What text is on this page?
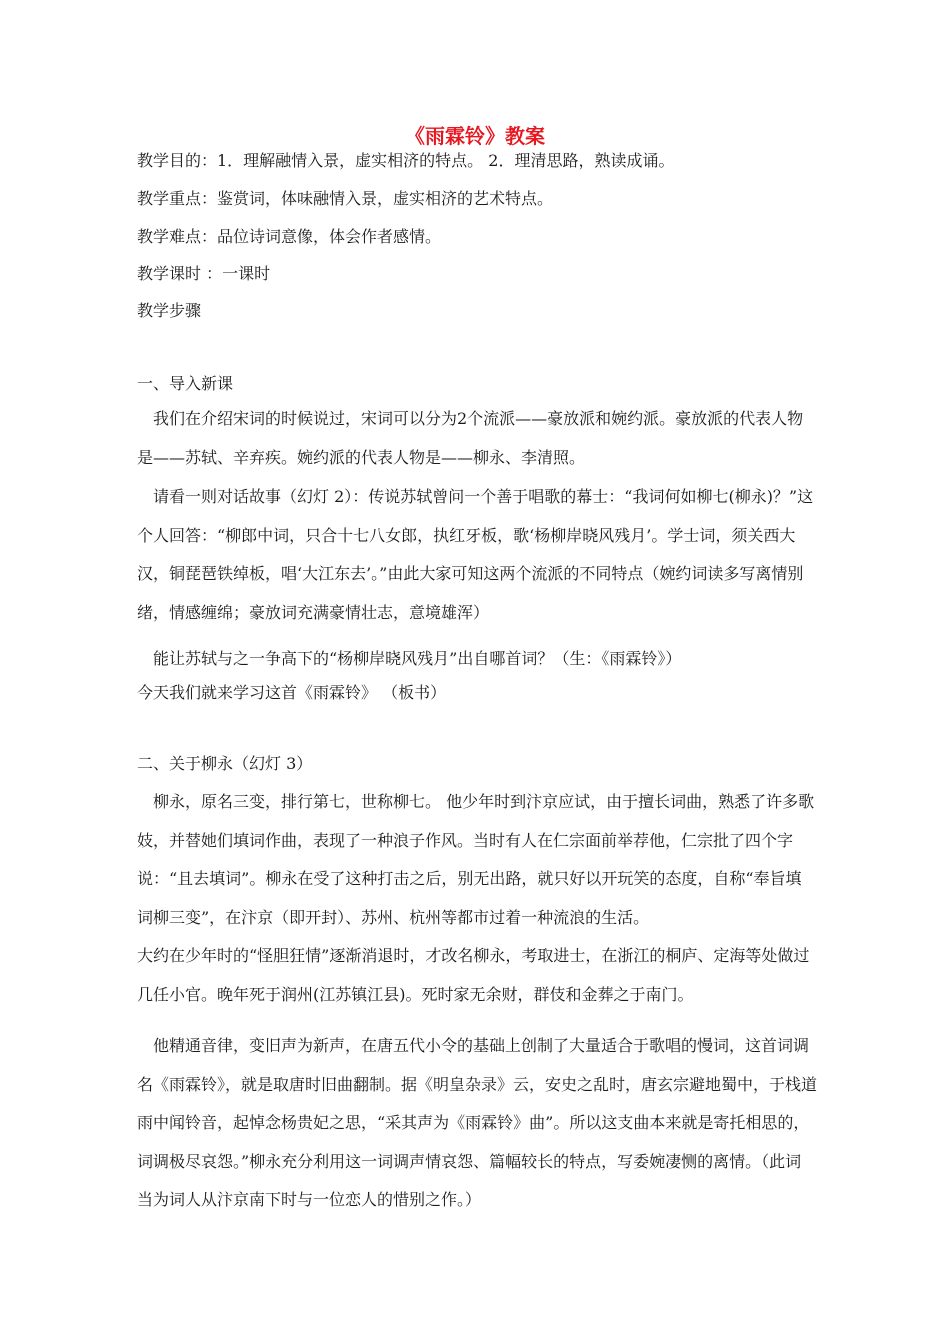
《雨霖铃》教案
教学目的：1．理解融情入景，虚实相济的特点。 2．理清思路，熟读成诵。
教学重点：鉴赏词，体味融情入景，虚实相济的艺术特点。
教学难点：品位诗词意像，体会作者感情。
教学课时 ：一课时
教学步骤
一、导入新课
我们在介绍宋词的时候说过，宋词可以分为2个流派——豪放派和婉约派。豪放派的代表人物是——苏轼、辛弃疾。婉约派的代表人物是——柳永、李清照。
请看一则对话故事（幻灯 2）：传说苏轼曾问一个善于唱歌的幕士：“我词何如柳七(柳永)？”这个人回答：“柳郎中词，只合十七八女郎，执红牙板，歌‘杨柳岸晓风残月’。学士词，须关西大汉，铜琵琶铁绰板，唱‘大江东去’。”由此大家可知这两个流派的不同特点（婉约词读多写离情别绪，情感缠绵；豪放词充满豪情壮志，意境雄浑）
能让苏轼与之一争高下的“杨柳岸晓风残月”出自哪首词？（生：《雨霖铃》）
今天我们就来学习这首《雨霖铃》 （板书）
二、关于柳永（幻灯 3）
柳永，原名三变，排行第七，世称柳七。 他少年时到汴京应试，由于擅长词曲，熟悉了许多歌妓，并替她们填词作曲，表现了一种浪子作风。当时有人在仁宗面前举荐他，仁宗批了四个字说：“且去填词”。柳永在受了这种打击之后，别无出路，就只好以开玩笑的态度，自称“奉旨填词柳三变”，在汴京（即开封）、苏州、杭州等都市过着一种流浪的生活。
大约在少年时的“怪胆狂情”逐渐消退时，才改名柳永，考取进士，在浙江的桐庐、定海等处做过几任小官。晚年死于润州(江苏镇江县)。死时家无余财，群伎和金葬之于南门。
他精通音律，变旧声为新声，在唐五代小令的基础上创制了大量适合于歌唱的慢词，这首词调名《雨霖铃》，就是取唐时旧曲翻制。据《明皇杂录》云，安史之乱时，唐玄宗避地蜀中，于栈道雨中闻铃音，起悼念杨贵妃之思，“采其声为《雨霖铃》曲”。所以这支曲本来就是寄托相思的，词调极尽哀怨。”柳永充分利用这一词调声情哀怨、篇幅较长的特点，写委婉凄恻的离情。（此词当为词人从汴京南下时与一位恋人的惜别之作。）
